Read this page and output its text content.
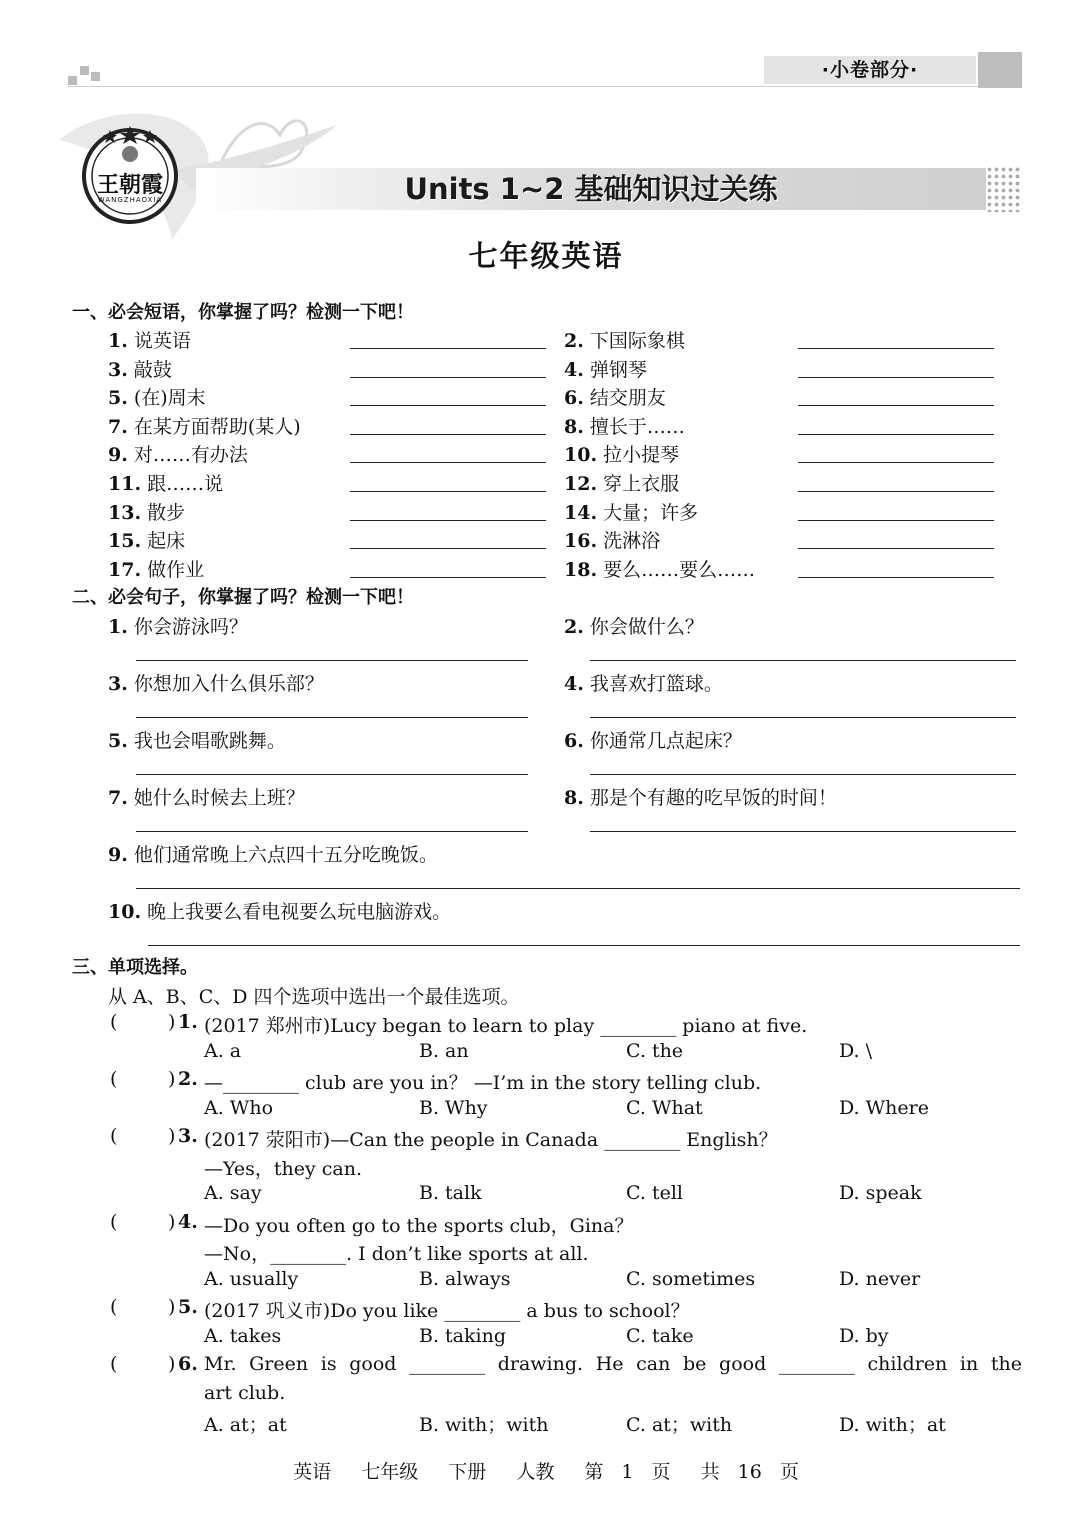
·小卷部分·
王朝霞
WANGZHAOXIA	Units 1~2 基础知识过关练
七年级英语
一、必会短语，你掌握了吗？检测一下吧！
1. 说英语	2. 下国际象棋
3. 敲鼓	4. 弹钢琴
5. (在)周末	6. 结交朋友
7. 在某方面帮助(某人)	8. 擅长于……
9. 对……有办法	10. 拉小提琴
11. 跟……说	12. 穿上衣服
13. 散步	14. 大量；许多
15. 起床	16. 洗淋浴
17. 做作业	18. 要么……要么……
二、必会句子，你掌握了吗？检测一下吧！
1. 你会游泳吗？	2. 你会做什么？
3. 你想加入什么俱乐部？	4. 我喜欢打篮球。
5. 我也会唱歌跳舞。	6. 你通常几点起床？
7. 她什么时候去上班？	8. 那是个有趣的吃早饭的时间！
9. 他们通常晚上六点四十五分吃晚饭。
10. 晚上我要么看电视要么玩电脑游戏。
三、单项选择。
从 A、B、C、D 四个选项中选出一个最佳选项。
(	) 1. (2017 郑州市)Lucy began to learn to play ________ piano at five.
A. a	B. an	C. the	D. \
(	) 2. —________ club are you in？ —I’m in the story telling club.
A. Who	B. Why	C. What	D. Where
(	) 3. (2017 荥阳市)—Can the people in Canada ________ English？
—Yes，they can.
A. say	B. talk	C. tell	D. speak
(	) 4. —Do you often go to the sports club，Gina？
—No，________. I don’t like sports at all.
A. usually	B. always	C. sometimes	D. never
(	) 5. (2017 巩义市)Do you like ________ a bus to school？
A. takes	B. taking	C. take	D. by
(	) 6. Mr. Green is good ________ drawing. He can be good ________ children in the
art club.
A. at；at	B. with；with	C. at；with	D. with；at
英语 七年级 下册 人教 第 1 页 共 16 页
